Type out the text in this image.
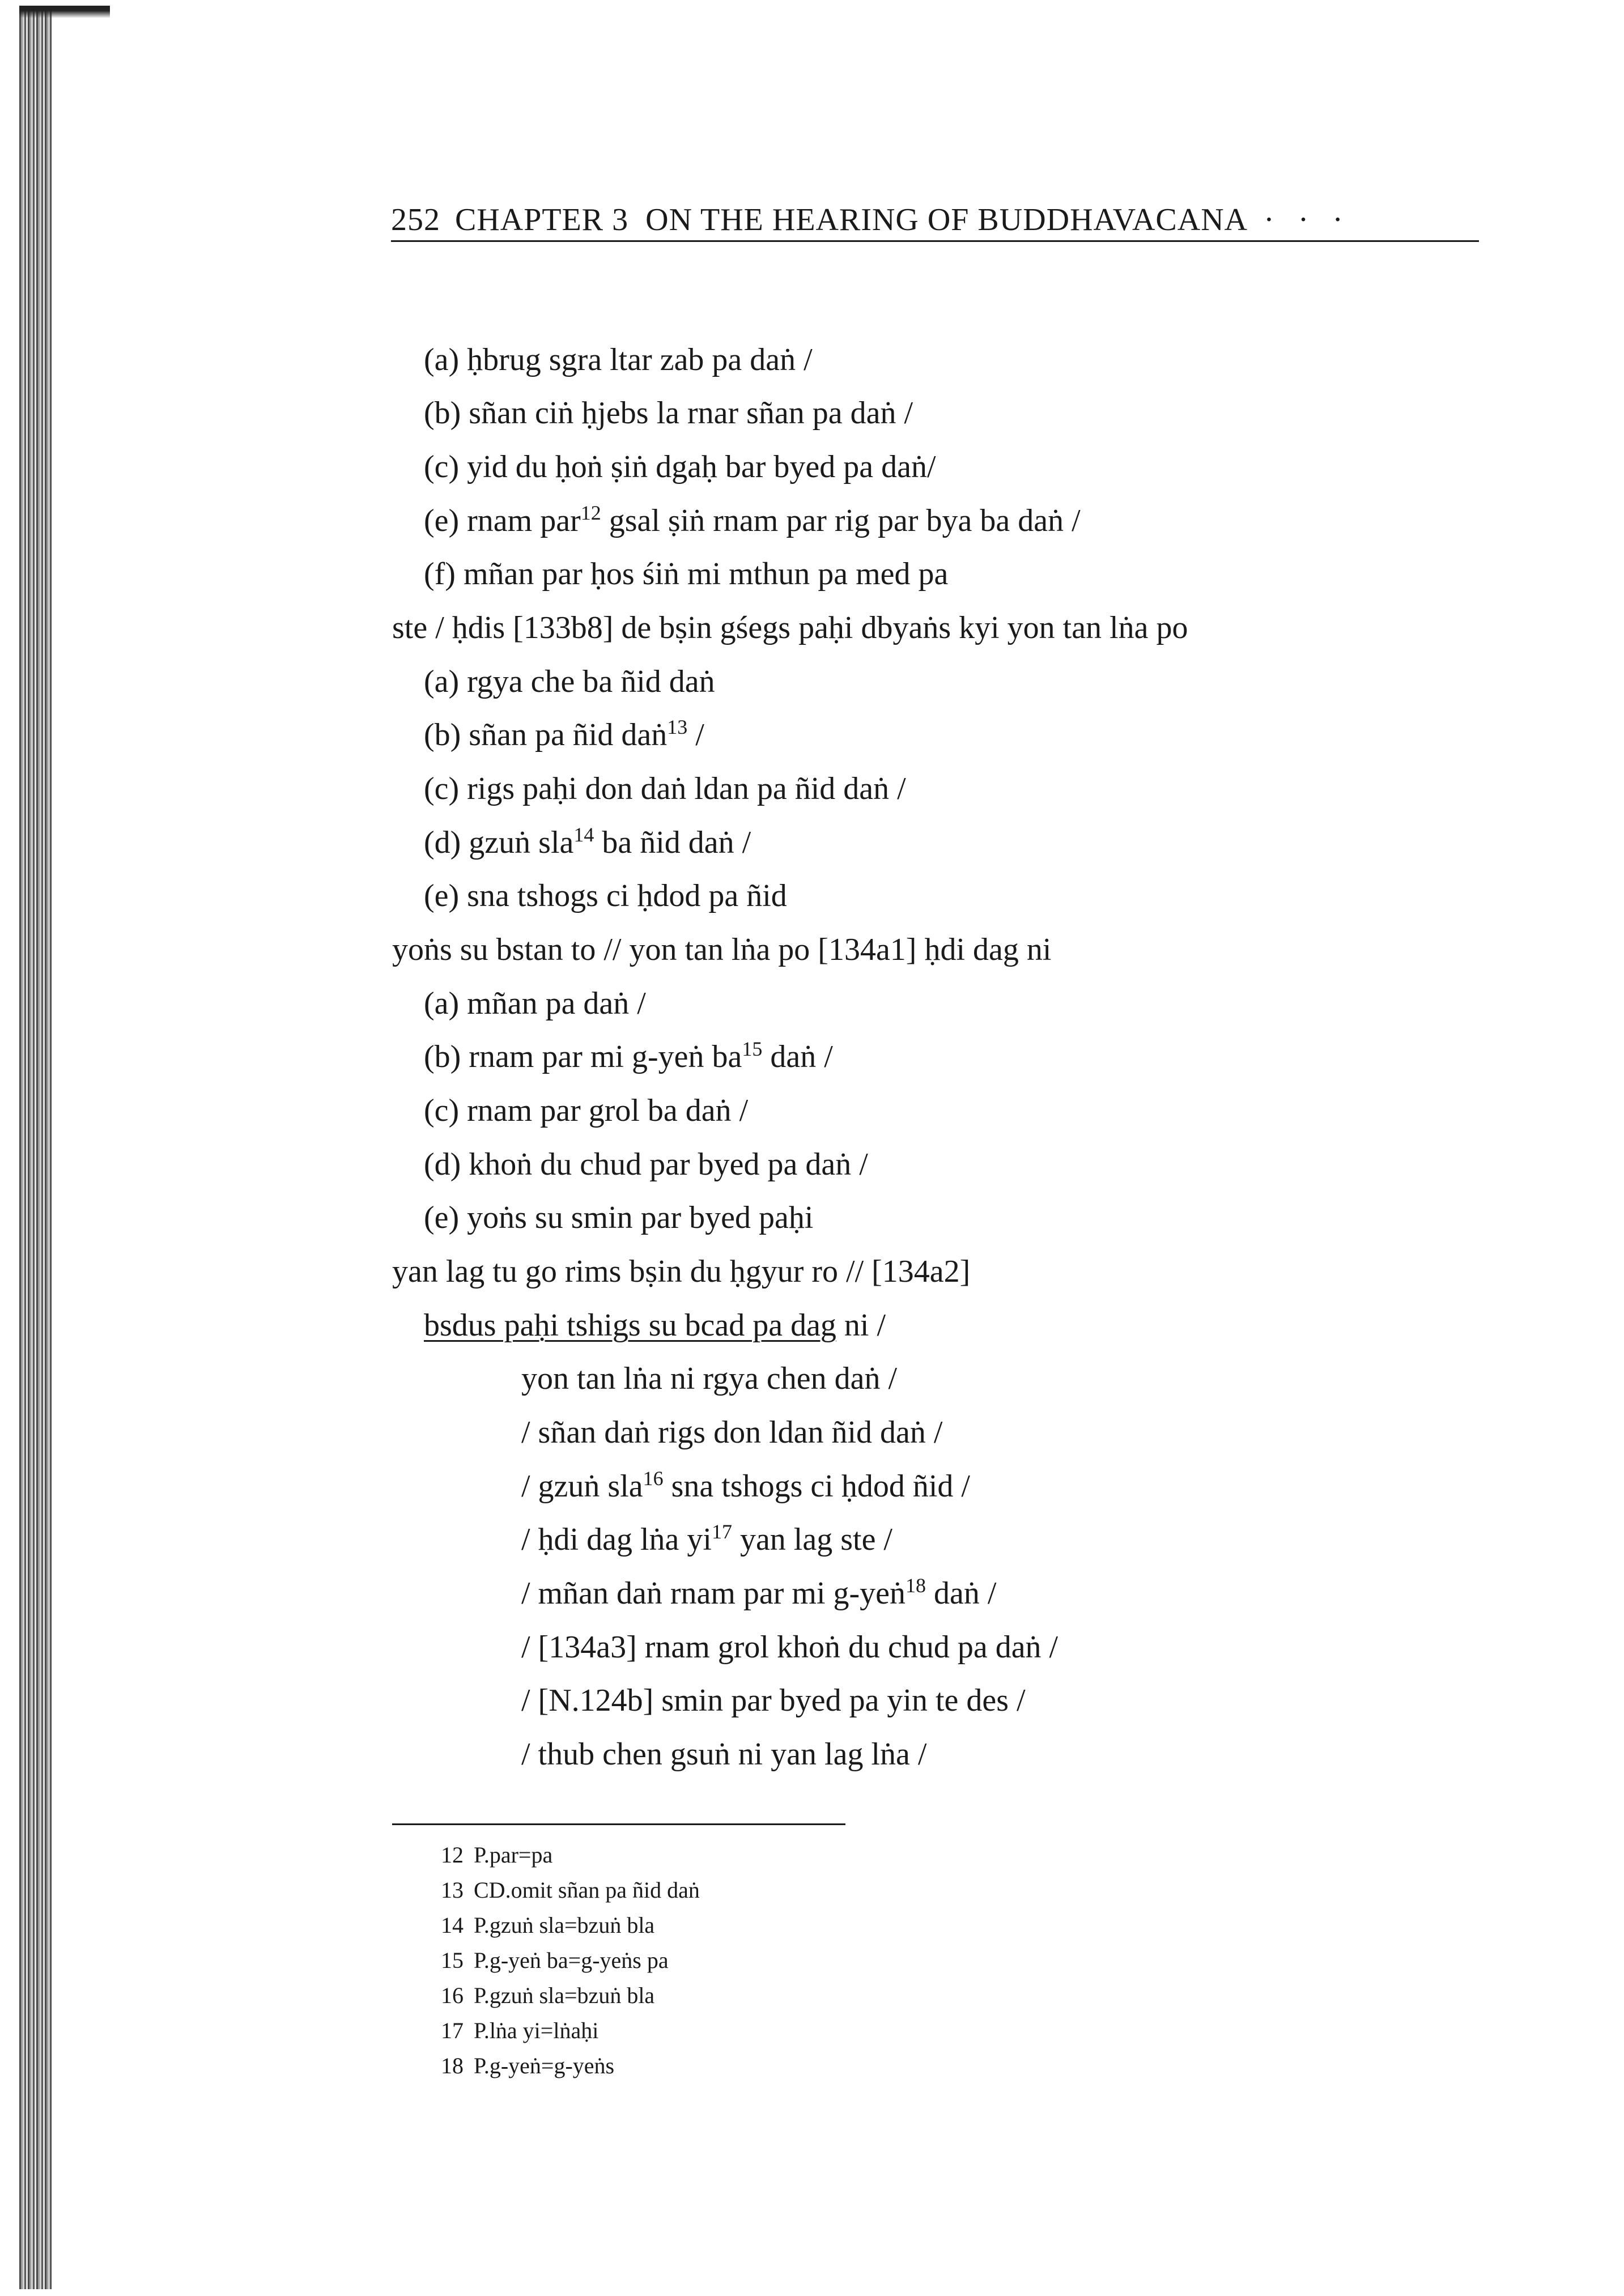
252 CHAPTER 3  ON THE HEARING OF BUDDHAVACANA · · ·
(a) ḥbrug sgra ltar zab pa daṅ /
(b) sñan ciṅ ḥjebs la rnar sñan pa daṅ /
(c) yid du ḥoṅ ṣiṅ dgaḥ bar byed pa daṅ/
(e) rnam par$^{12}$ gsal ṣiṅ rnam par rig par bya ba daṅ /
(f) mñan par ḥos śiṅ mi mthun pa med pa
ste / ḥdis [133b8] de bṣin gśegs paḥi dbyaṅs kyi yon tan lṅa po
(a) rgya che ba ñid daṅ
(b) sñan pa ñid daṅ$^{13}$ /
(c) rigs paḥi don daṅ ldan pa ñid daṅ /
(d) gzuṅ sla$^{14}$ ba ñid daṅ /
(e) sna tshogs ci ḥdod pa ñid
yoṅs su bstan to // yon tan lṅa po [134a1] ḥdi dag ni
(a) mñan pa daṅ /
(b) rnam par mi g-yeṅ $ba^{15}$ daṅ /
(c) rnam par grol ba daṅ /
(d) khoṅ du chud par byed pa daṅ /
(e) yoṅs su smin par byed paḥi
yan lag tu go rims bṣin du ḥgyur ro // [134a2]
bsdus paḥi tshigs su bcad pa dag ni /
yon tan lṅa ni rgya chen daṅ /
/ sñan daṅ rigs don ldan ñid daṅ /
/ gzuṅ sla$^{16}$ sna tshogs ci ḥdod ñid /
/ ḥdi dag lṅa $yi^{17}$ yan lag ste /
/ mñan daṅ rnam par mi g-yeṅ$^{18}$ daṅ /
/ [134a3] rnam grol khoṅ du chud pa daṅ /
/ [N.124b] smin par byed pa yin te des /
/ thub chen gsuṅ ni yan lag lṅa /
12 P.par=pa
13 CD.omit sñan pa ñid daṅ
14 P.gzuṅ sla=bzuṅ bla
15 P.g-yeṅ ba=g-yeṅs pa
16 P.gzuṅ sla=bzuṅ bla
17 P.lṅa yi=lṅaḥi
18 P.g-yeṅ=g-yeṅs
